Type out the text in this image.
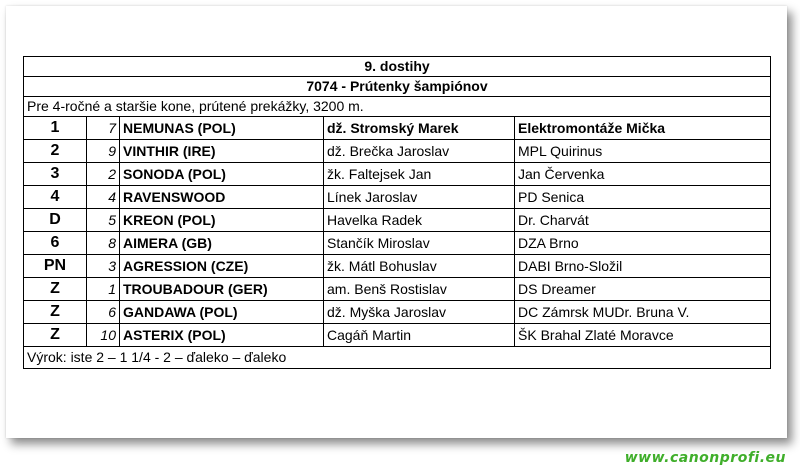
9. dostihy				
7074 - Prútenky šampiónov				
Pre 4-ročné a staršie kone, prútené prekážky, 3200 m.				
1	7	NEMUNAS (POL)	dž. Stromský Marek	Elektromontáže Mička
2	9	VINTHIR (IRE)	dž. Brečka Jaroslav	MPL Quirinus
3	2	SONODA (POL)	žk. Faltejsek Jan	Jan Červenka
4	4	RAVENSWOOD	Línek Jaroslav	PD Senica
D	5	KREON (POL)	Havelka Radek	Dr. Charvát
6	8	AIMERA (GB)	Stančík Miroslav	DZA Brno
PN	3	AGRESSION (CZE)	žk. Mátl Bohuslav	DABI Brno-Složil
Z	1	TROUBADOUR (GER)	am. Benš Rostislav	DS Dreamer
Z	6	GANDAWA (POL)	dž. Myška Jaroslav	DC Zámrsk MUDr. Bruna V.
Z	10	ASTERIX (POL)	Cagáň Martin	ŠK Brahal Zlaté Moravce
Výrok: iste 2 – 1 1/4 - 2 – ďaleko – ďaleko				
www.canonprofi.eu
